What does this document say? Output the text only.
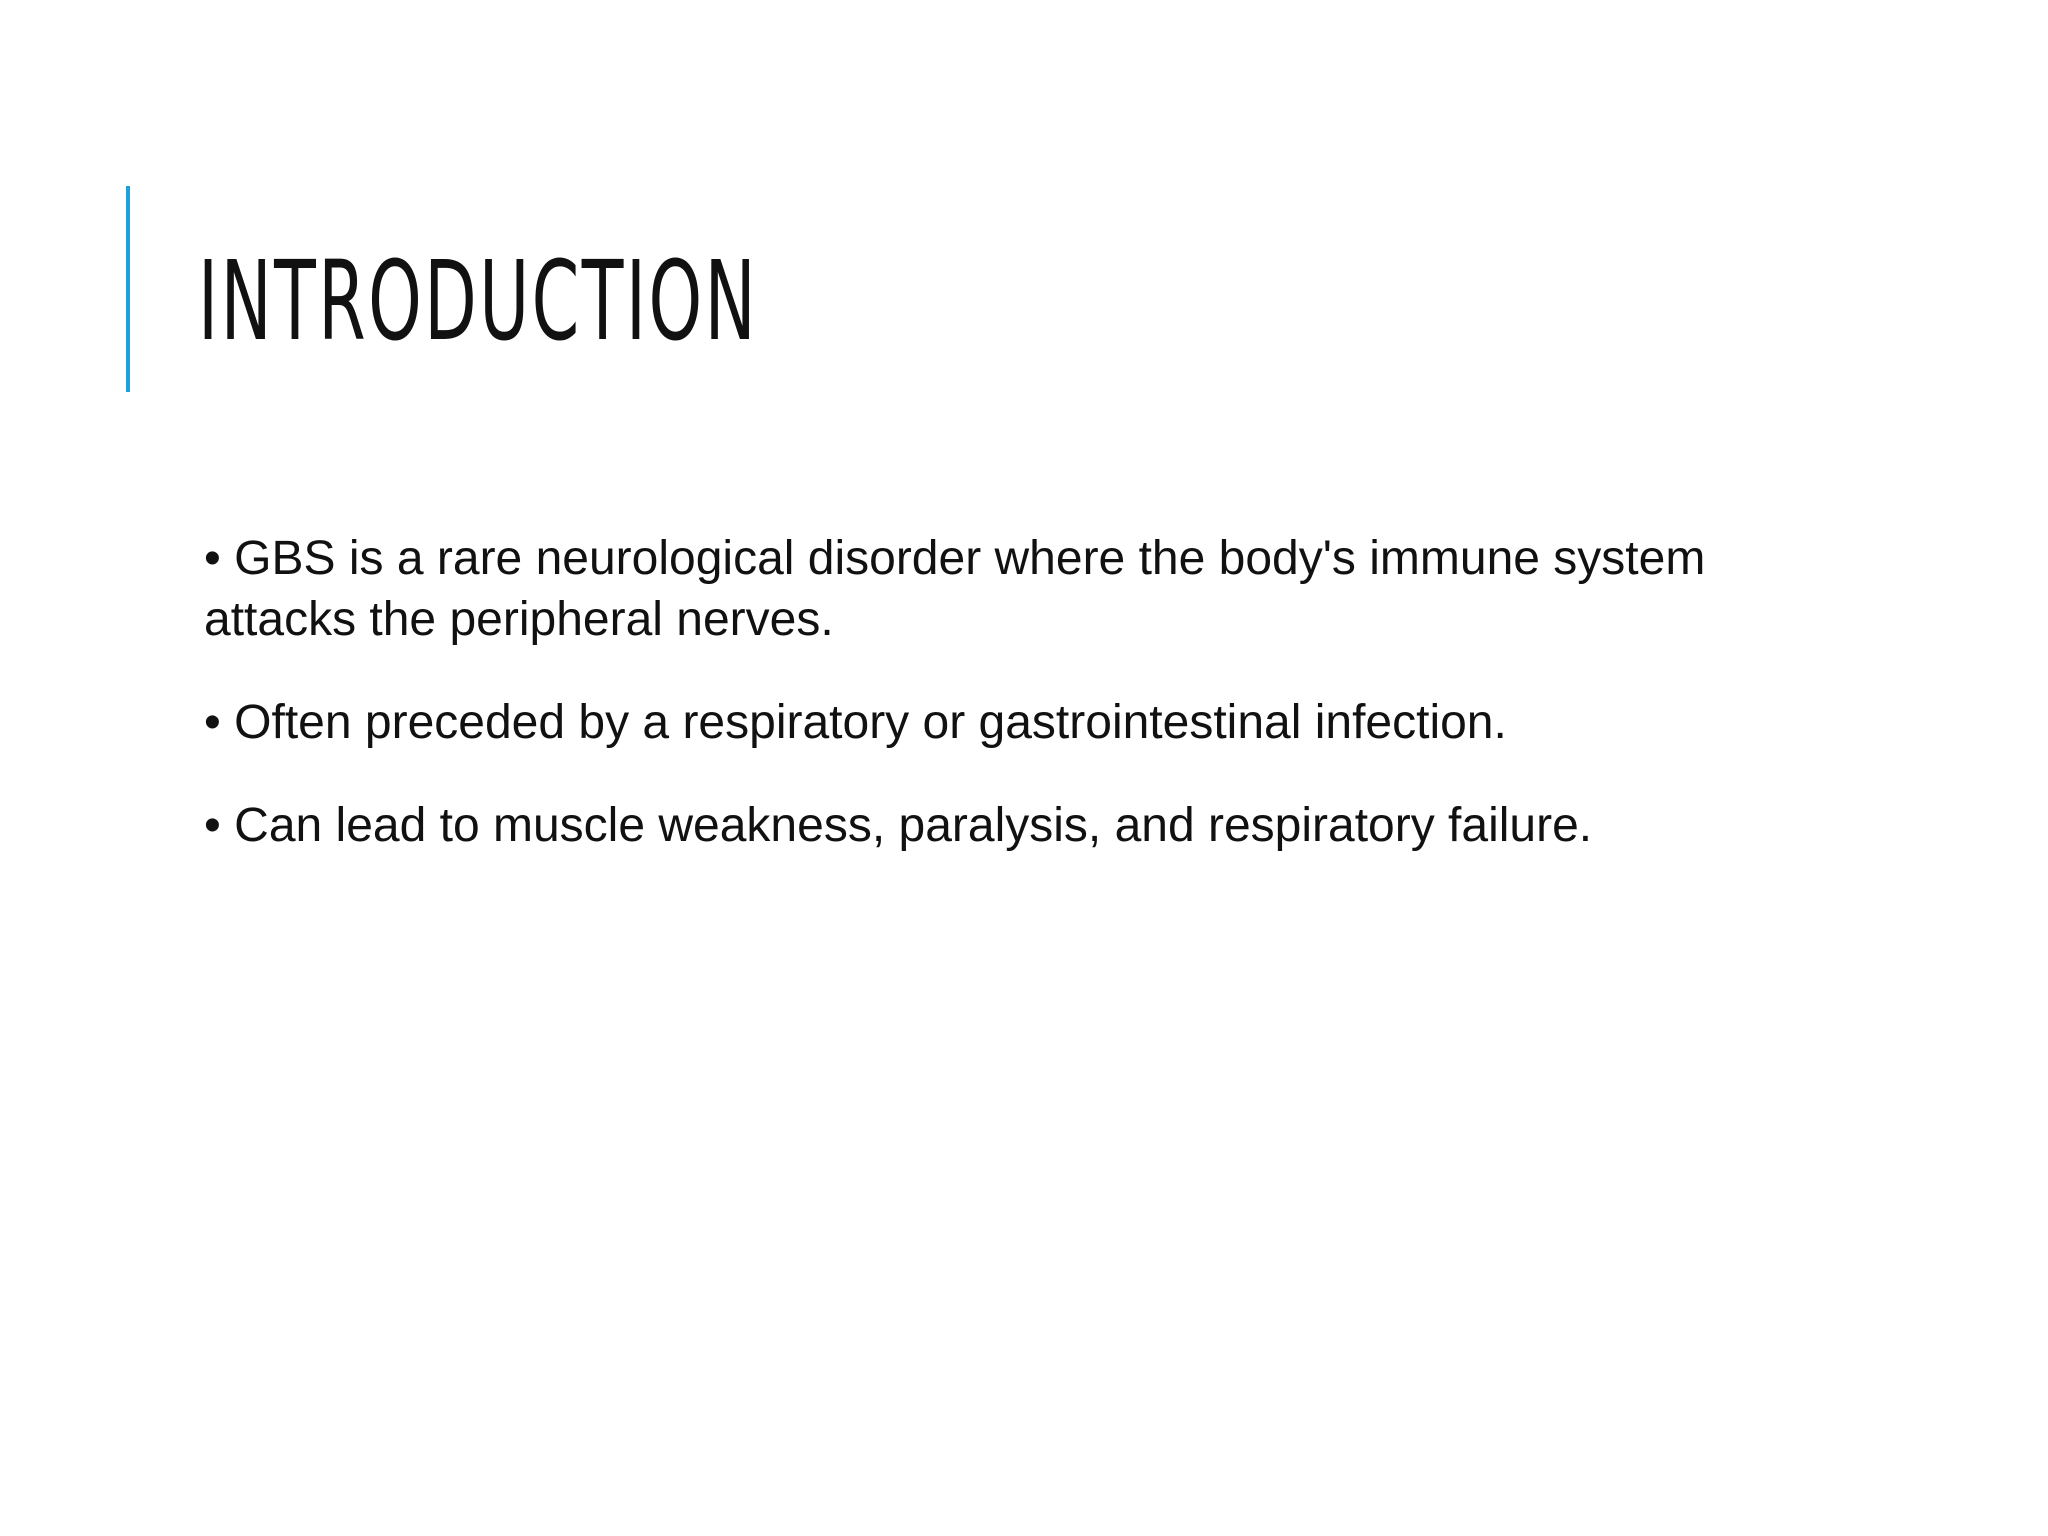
INTRODUCTION
• GBS is a rare neurological disorder where the body's immune system attacks the peripheral nerves.
• Often preceded by a respiratory or gastrointestinal infection.
• Can lead to muscle weakness, paralysis, and respiratory failure.
